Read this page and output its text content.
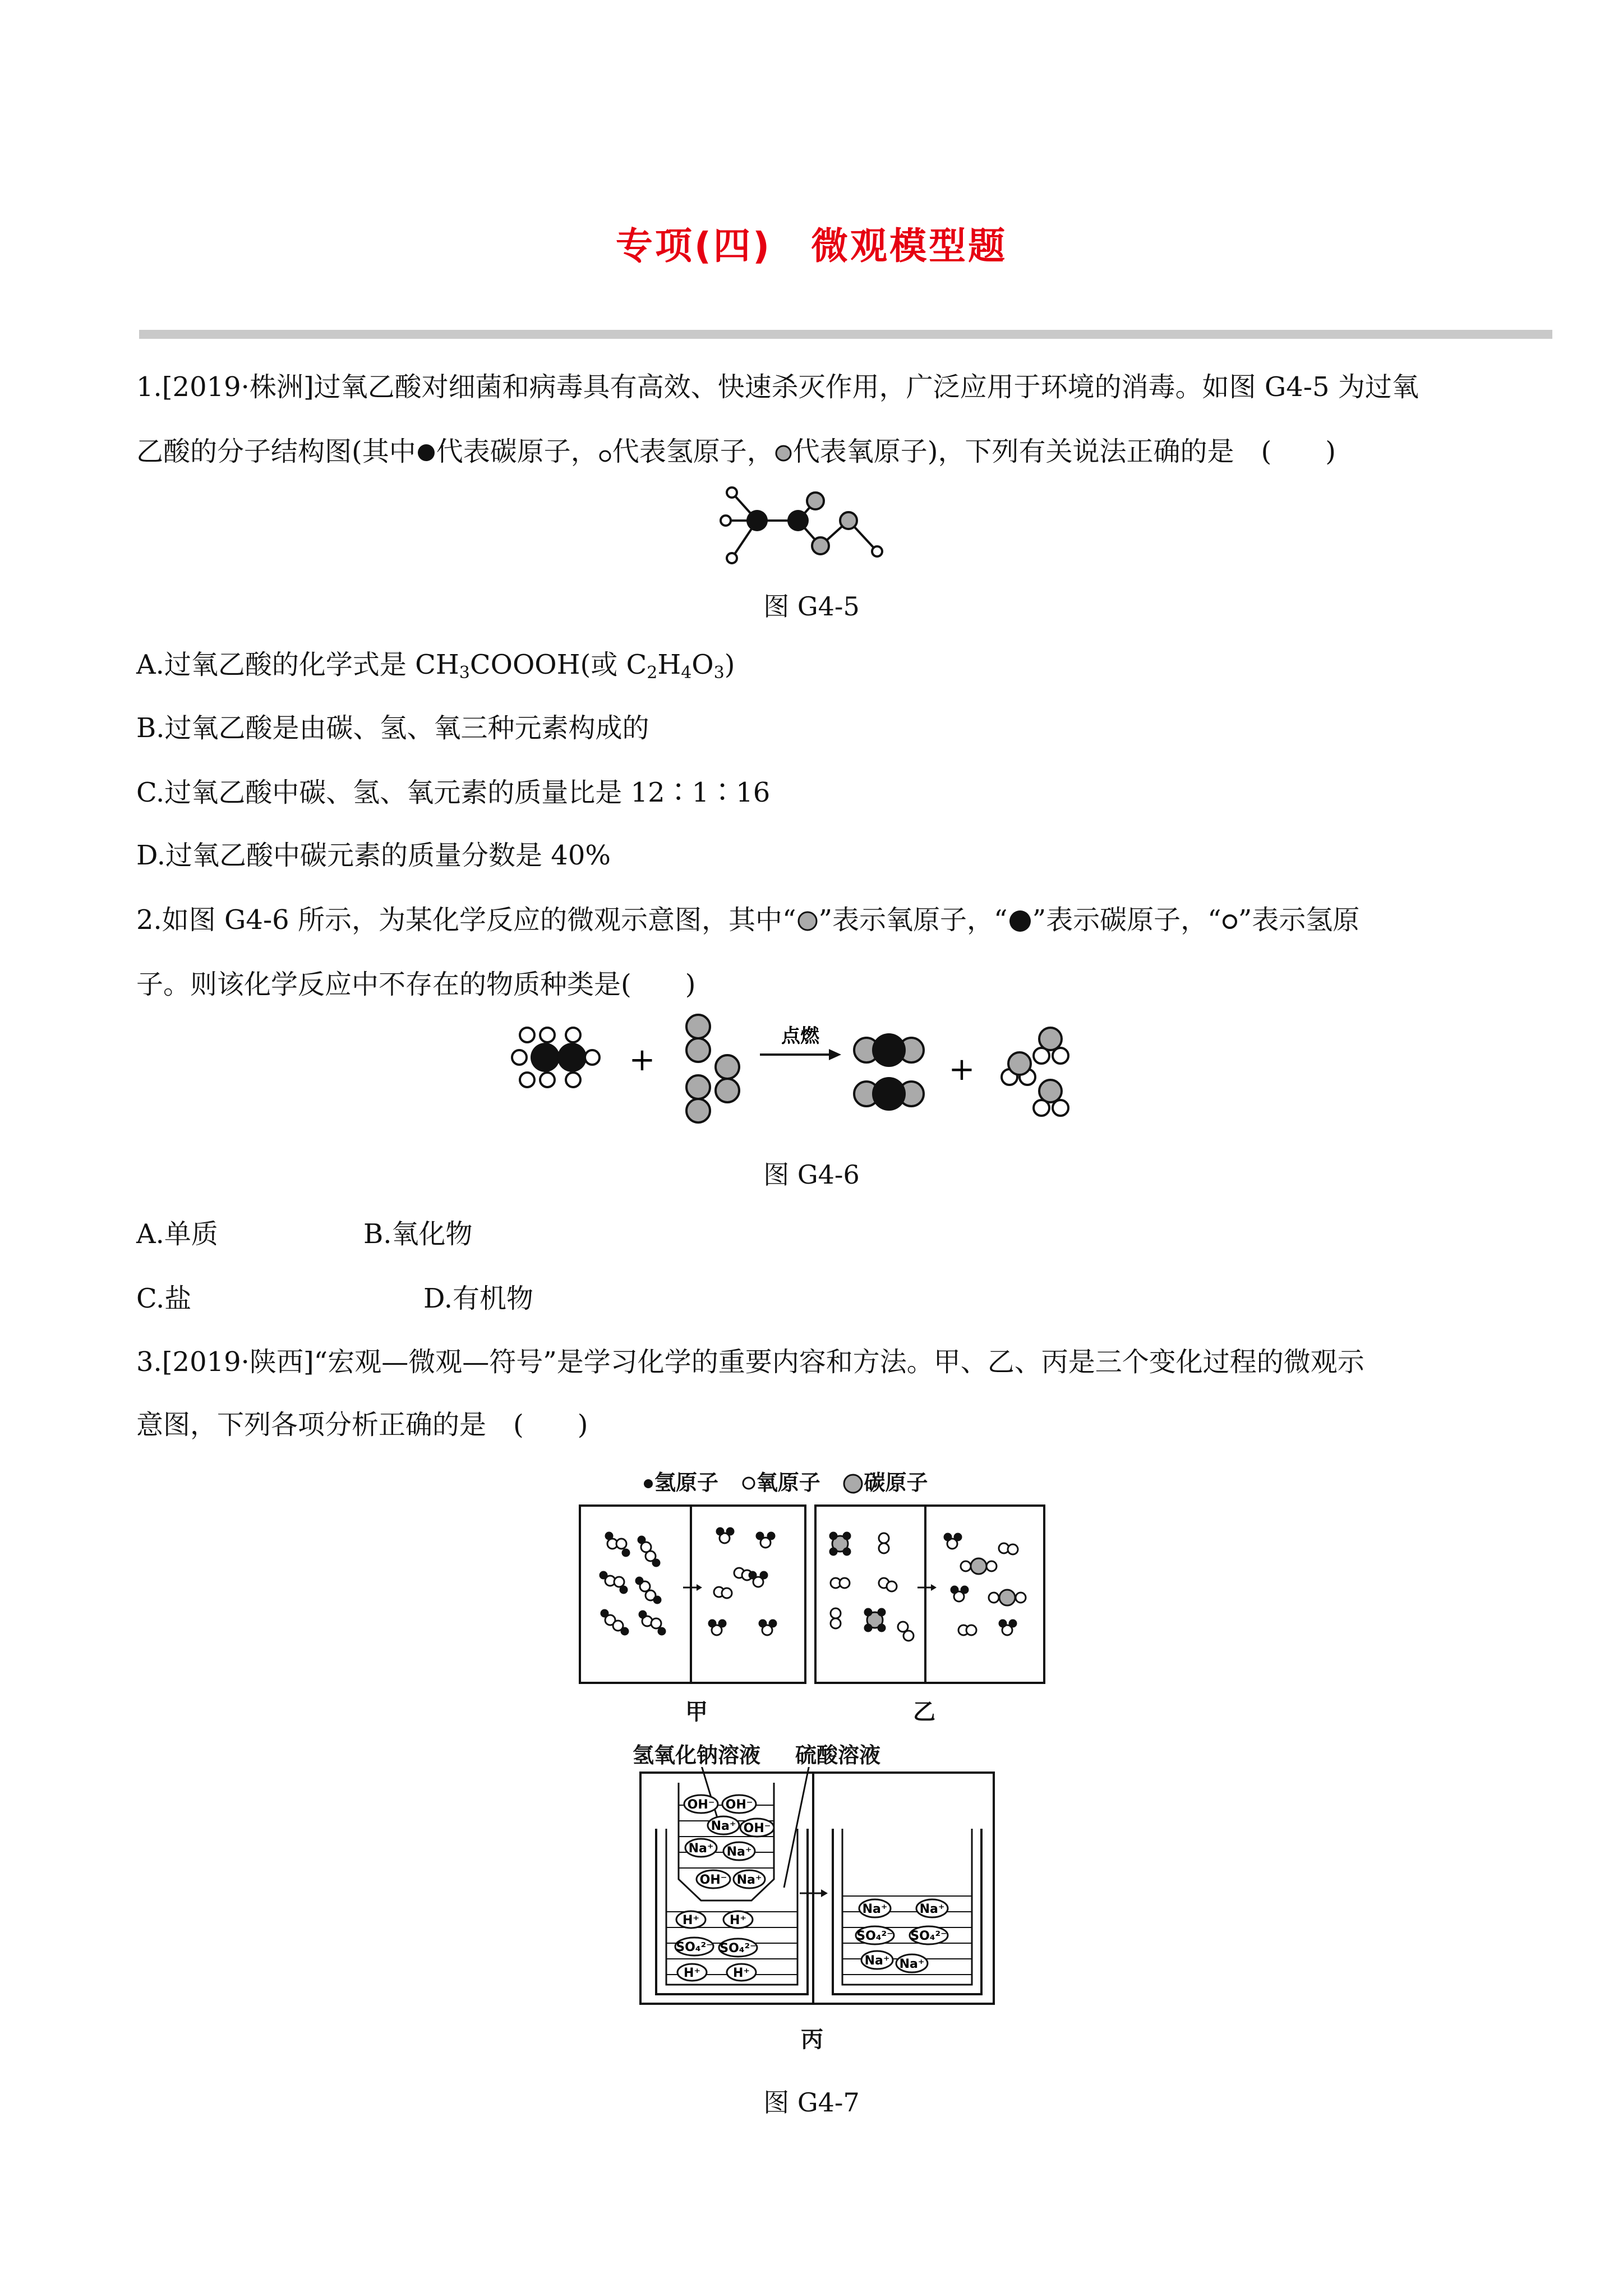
专项(四)　微观模型题
1.[2019·株洲]过氧乙酸对细菌和病毒具有高效、快速杀灭作用，广泛应用于环境的消毒。如图 G4-5 为过氧
乙酸的分子结构图(其中 代表碳原子， 代表氢原子， 代表氧原子)，下列有关说法正确的是　(　　)
图 G4-5
A.过氧乙酸的化学式是 $CH_3COOOH$(或 $C_2H_4O_3$)
B.过氧乙酸是由碳、氢、氧三种元素构成的
C.过氧乙酸中碳、氢、氧元素的质量比是 12∶1∶16
D.过氧乙酸中碳元素的质量分数是 40%
2.如图 G4-6 所示，为某化学反应的微观示意图，其中“ ”表示氧原子，“ ”表示碳原子，“ ”表示氢原
子。则该化学反应中不存在的物质种类是(　　)
+
点燃
+
图 G4-6
A.单质	B.氧化物
C.盐	D.有机物
3.[2019·陕西]“宏观—微观—符号”是学习化学的重要内容和方法。甲、乙、丙是三个变化过程的微观示
意图，下列各项分析正确的是　(　　)
氢原子 氧原子 碳原子
甲	乙
氢氧化钠溶液 硫酸溶液
OH⁻ OH⁻
Na⁺ OH⁻
Na⁺ Na⁺
OH⁻ Na⁺
H⁺ H⁺
SO₄²⁻ SO₄²⁻
H⁺	H⁺
Na⁺	Na⁺
SO₄²⁻ SO₄²⁻
Na⁺ Na⁺
丙
图 G4-7
